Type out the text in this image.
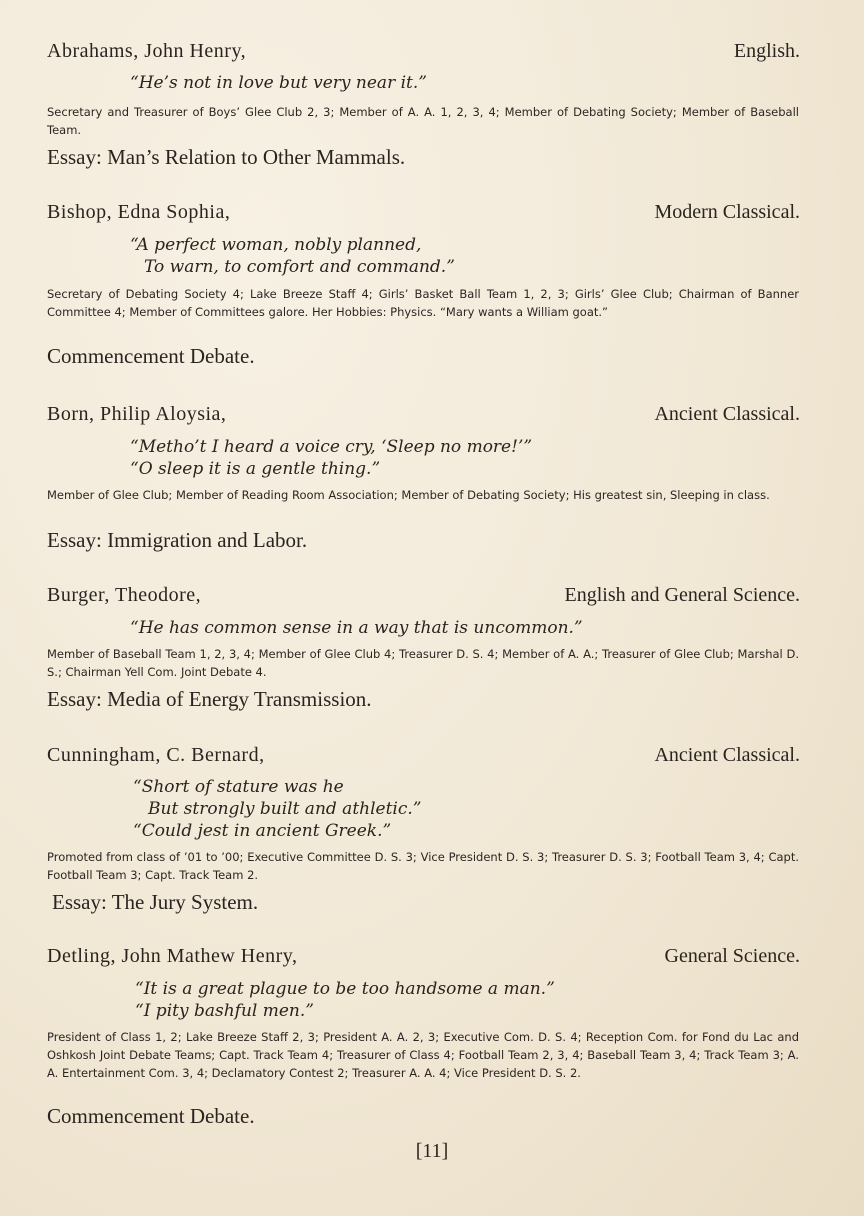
Abrahams, John Henry,	English.
“He’s not in love but very near it.”
Secretary and Treasurer of Boys’ Glee Club 2, 3; Member of A. A. 1, 2, 3, 4; Member of Debating Society; Member of Baseball Team.
Essay: Man’s Relation to Other Mammals.
Bishop, Edna Sophia,	Modern Classical.
“A perfect woman, nobly planned,
To warn, to comfort and command.”
Secretary of Debating Society 4; Lake Breeze Staff 4; Girls’ Basket Ball Team 1, 2, 3; Girls’ Glee Club; Chairman of Banner Committee 4; Member of Committees galore. Her Hobbies: Physics. “Mary wants a William goat.”
Commencement Debate.
Born, Philip Aloysia,	Ancient Classical.
“Metho’t I heard a voice cry, ‘Sleep no more!’”
“O sleep it is a gentle thing.”
Member of Glee Club; Member of Reading Room Association; Member of Debating Society; His greatest sin, Sleeping in class.
Essay: Immigration and Labor.
Burger, Theodore,	English and General Science.
“He has common sense in a way that is uncommon.”
Member of Baseball Team 1, 2, 3, 4; Member of Glee Club 4; Treasurer D. S. 4; Member of A. A.; Treasurer of Glee Club; Marshal D. S.; Chairman Yell Com. Joint Debate 4.
Essay: Media of Energy Transmission.
Cunningham, C. Bernard,	Ancient Classical.
“Short of stature was he
But strongly built and athletic.”
“Could jest in ancient Greek.”
Promoted from class of ’01 to ’00; Executive Committee D. S. 3; Vice President D. S. 3; Treasurer D. S. 3; Football Team 3, 4; Capt. Football Team 3; Capt. Track Team 2.
Essay: The Jury System.
Detling, John Mathew Henry,	General Science.
“It is a great plague to be too handsome a man.”
“I pity bashful men.”
President of Class 1, 2; Lake Breeze Staff 2, 3; President A. A. 2, 3; Executive Com. D. S. 4; Reception Com. for Fond du Lac and Oshkosh Joint Debate Teams; Capt. Track Team 4; Treasurer of Class 4; Football Team 2, 3, 4; Baseball Team 3, 4; Track Team 3; A. A. Entertainment Com. 3, 4; Declamatory Contest 2; Treasurer A. A. 4; Vice President D. S. 2.
Commencement Debate.
[11]
